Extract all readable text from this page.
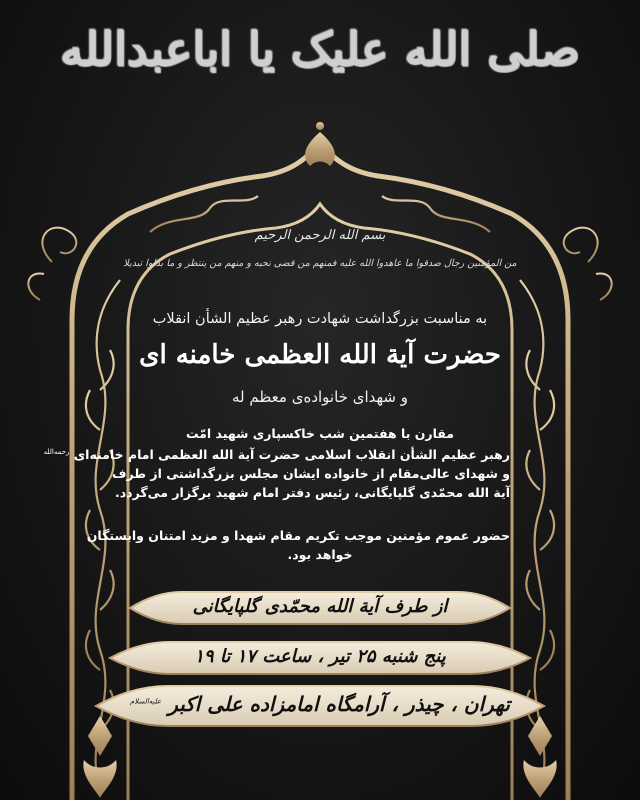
صلی الله علیک یا اباعبدالله
بسم الله الرحمن الرحیم
من المؤمنین رجال صدقوا ما عاهدوا الله علیه فمنهم من قضی نحبه و منهم من ینتظر و ما بدلوا تبدیلا
به مناسبت بزرگداشت شهادت رهبر عظیم الشأن انقلاب
حضرت آیة الله العظمی خامنه ای
و شهدای خانواده‌ی معظم له
مقارن با هفتمین شب خاکسپاری شهید امّت
رهبر عظیم الشأن انقلاب اسلامی حضرت آیة الله العظمی امام خامنه‌ای $^{رحمه‌الله}$
و شهدای عالی‌مقام از خانواده ایشان مجلس بزرگداشتی از طرف
آیة الله محمّدی گلپایگانی، رئیس دفتر امام شهید برگزار می‌گردد.
حضور عموم مؤمنین موجب تکریم مقام شهدا و مزید امتنان وابستگان
خواهد بود.
از طرف آیة الله محمّدی گلپایگانی
پنج شنبه ۲۵ تیر ، ساعت ۱۷ تا ۱۹
تهران ، چیذر ، آرامگاه امامزاده علی اکبر $^{علیه‌السلام}$
